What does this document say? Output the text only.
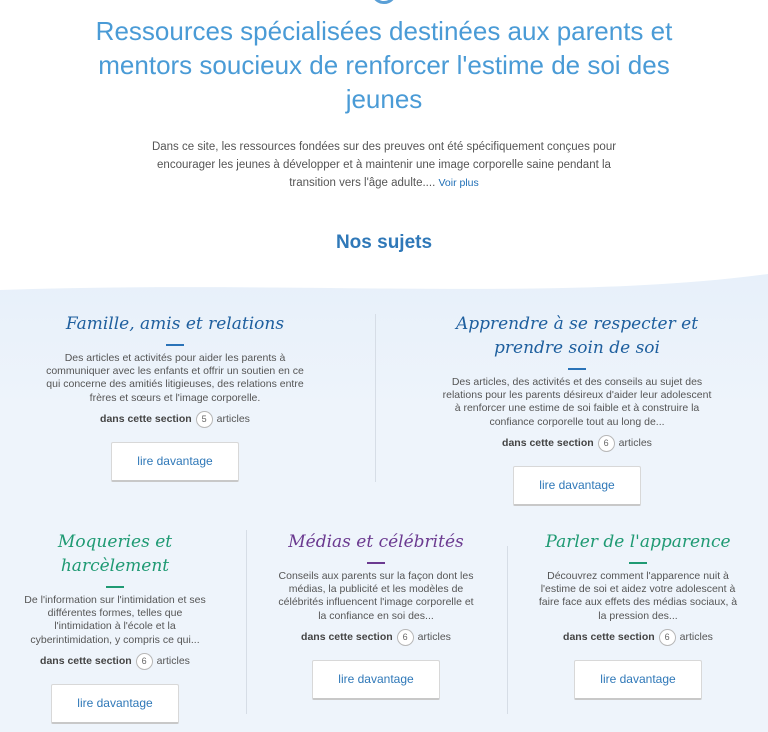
Ressources spécialisées destinées aux parents et mentors soucieux de renforcer l'estime de soi des jeunes

Dans ce site, les ressources fondées sur des preuves ont été spécifiquement conçues pour encourager les jeunes à développer et à maintenir une image corporelle saine pendant la transition vers l'âge adulte.... Voir plus

Nos sujets
Famille, amis et relations
Des articles et activités pour aider les parents à communiquer avec les enfants et offrir un soutien en ce qui concerne des amitiés litigieuses, des relations entre frères et sœurs et l'image corporelle.
dans cette section	5 articles
lire davantage
Apprendre à se respecter et prendre soin de soi
Des articles, des activités et des conseils au sujet des relations pour les parents désireux d'aider leur adolescent à renforcer une estime de soi faible et à construire la confiance corporelle tout au long de...
dans cette section	6 articles
lire davantage
Moqueries et harcèlement
De l'information sur l'intimidation et ses différentes formes, telles que l'intimidation à l'école et la cyberintimidation, y compris ce qui...
dans cette section	6 articles
lire davantage
Médias et célébrités
Conseils aux parents sur la façon dont les médias, la publicité et les modèles de célébrités influencent l'image corporelle et la confiance en soi des...
dans cette section	6 articles
lire davantage
Parler de l'apparence
Découvrez comment l'apparence nuit à l'estime de soi et aidez votre adolescent à faire face aux effets des médias sociaux, à la pression des...
dans cette section	6 articles
lire davantage
